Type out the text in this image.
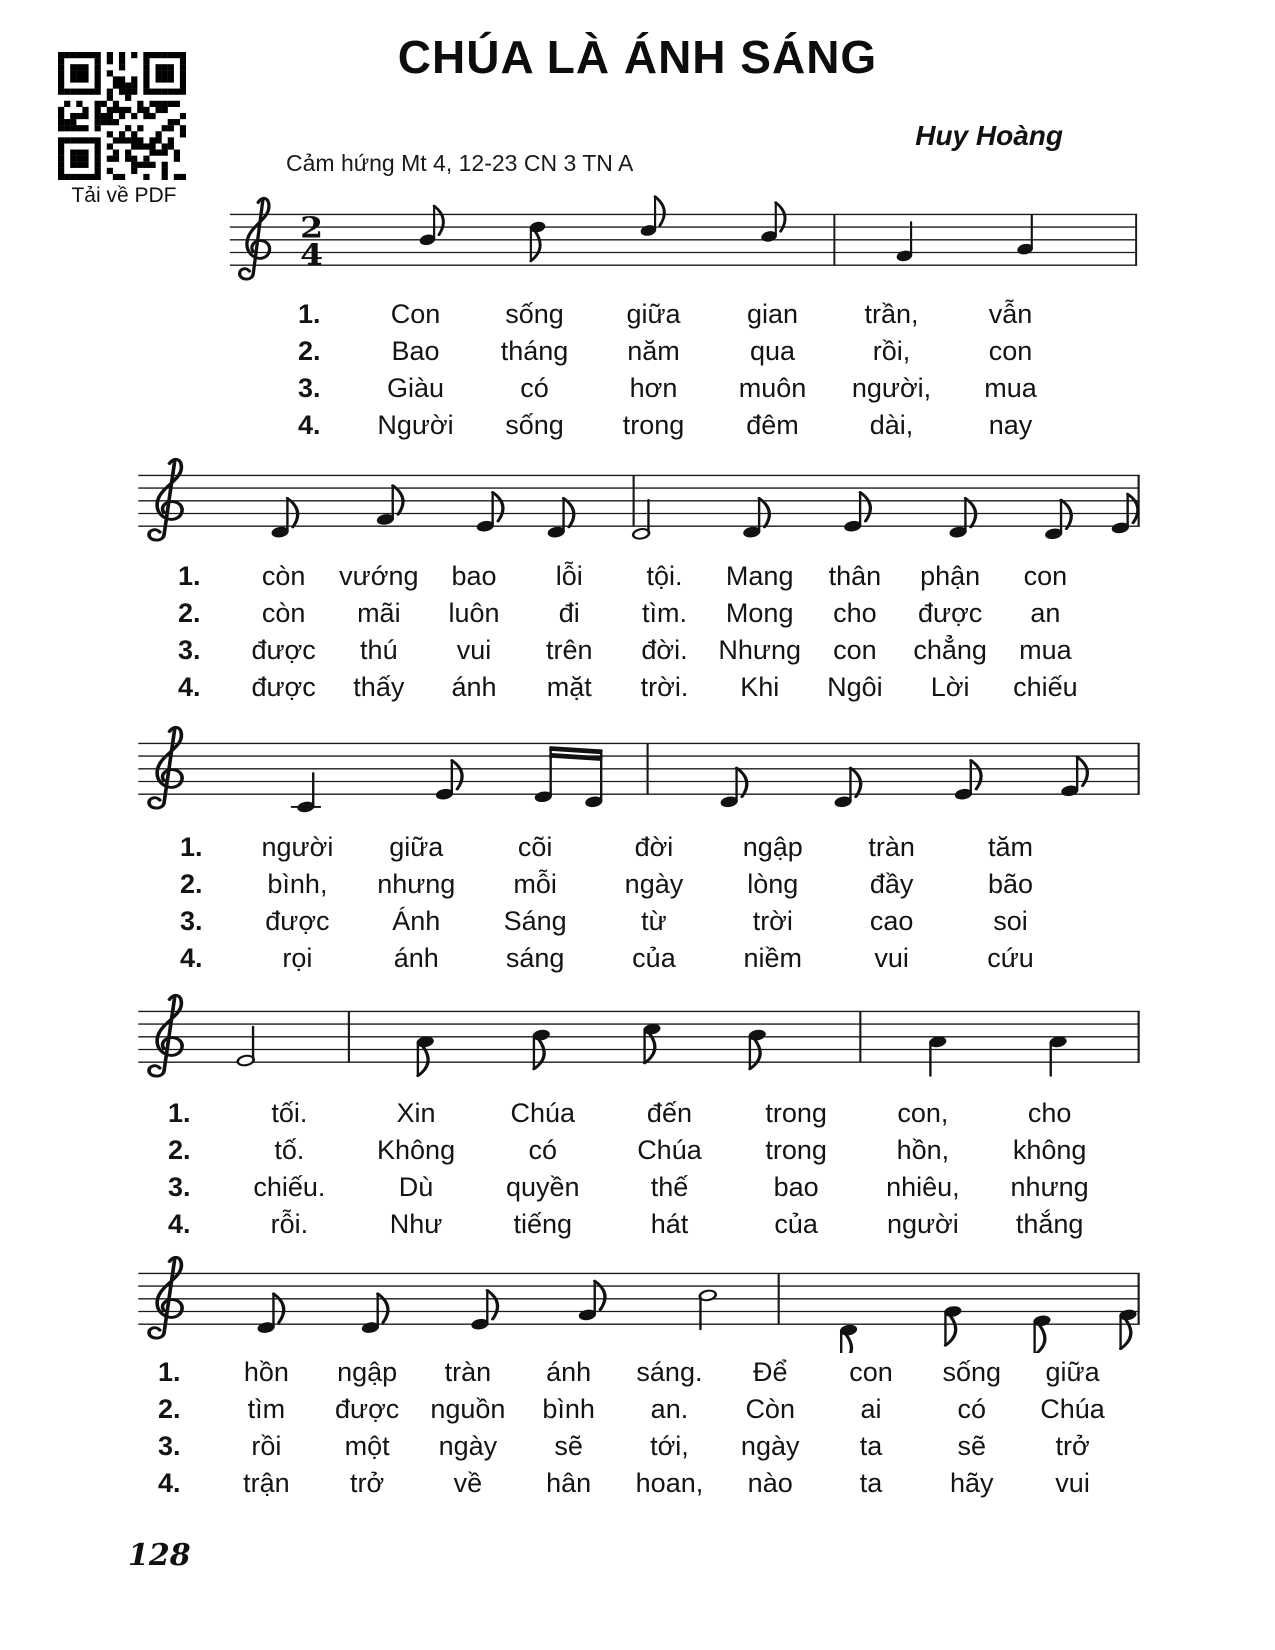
Tải về PDF
CHÚA LÀ ÁNH SÁNG
Huy Hoàng
Cảm hứng Mt 4, 12-23 CN 3 TN A
2
4
1.	Con	sống	giữa	gian	trần,	vẫn
2.	Bao	tháng	năm	qua	rồi,	con
3.	Giàu	có	hơn	muôn	người,	mua
4.	Người	sống	trong	đêm	dài,	nay
1.	còn	vướng	bao	lỗi	tội.	Mang	thân	phận	con
2.	còn	mãi	luôn	đi	tìm.	Mong	cho	được	an
3.	được	thú	vui	trên	đời.	Nhưng	con	chẳng	mua
4.	được	thấy	ánh	mặt	trời.	Khi	Ngôi	Lời	chiếu
1.	người	giữa	cõi	đời	ngập	tràn	tăm
2.	bình,	nhưng	mỗi	ngày	lòng	đầy	bão
3.	được	Ánh	Sáng	từ	trời	cao	soi
4.	rọi	ánh	sáng	của	niềm	vui	cứu
1.	tối.	Xin	Chúa	đến	trong	con,	cho
2.	tố.	Không	có	Chúa	trong	hồn,	không
3.	chiếu.	Dù	quyền	thế	bao	nhiêu,	nhưng
4.	rỗi.	Như	tiếng	hát	của	người	thắng
1.	hồn	ngập	tràn	ánh	sáng.	Để	con	sống	giữa
2.	tìm	được	nguồn	bình	an.	Còn	ai	có	Chúa
3.	rồi	một	ngày	sẽ	tới,	ngày	ta	sẽ	trở
4.	trận	trở	về	hân	hoan,	nào	ta	hãy	vui
128
